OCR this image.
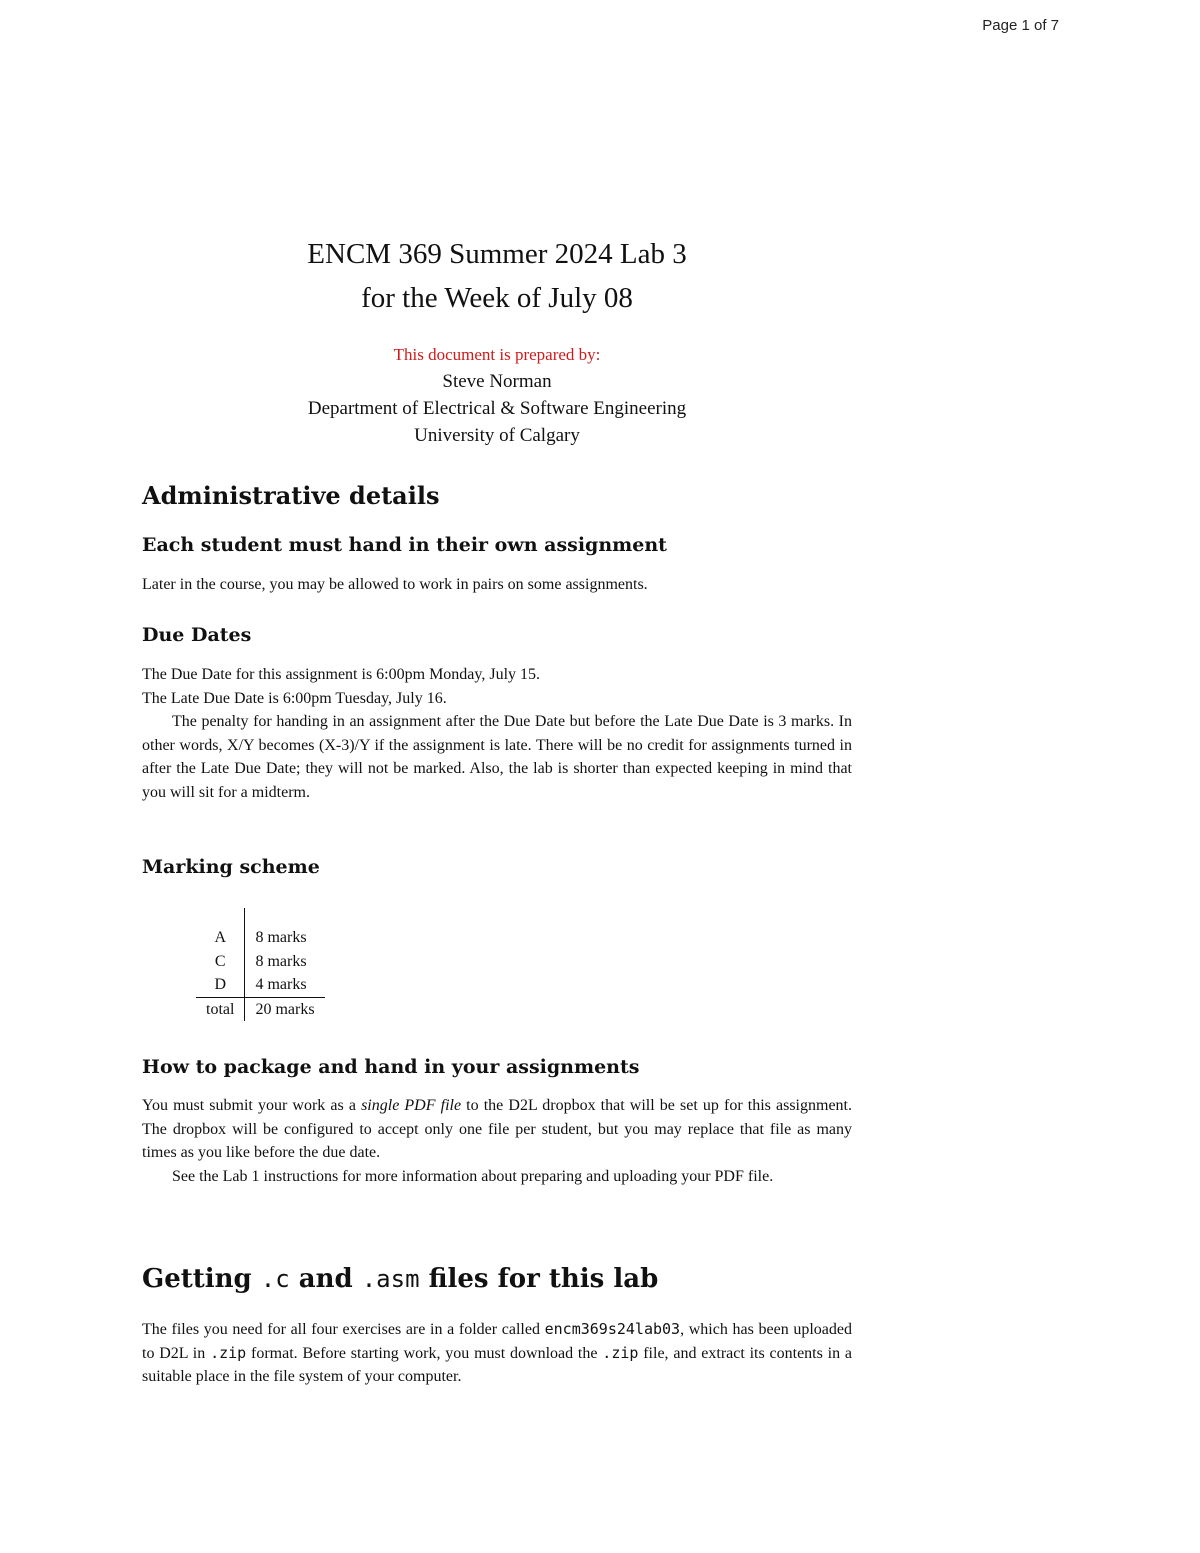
Page 1 of 7
ENCM 369 Summer 2024 Lab 3
for the Week of July 08
This document is prepared by:
Steve Norman
Department of Electrical & Software Engineering
University of Calgary
Administrative details
Each student must hand in their own assignment

Later in the course, you may be allowed to work in pairs on some assignments.

Due Dates

The Due Date for this assignment is 6:00pm Monday, July 15.

The Late Due Date is 6:00pm Tuesday, July 16.

The penalty for handing in an assignment after the Due Date but before the Late Due Date is 3 marks. In other words, X/Y becomes (X-3)/Y if the assignment is late. There will be no credit for assignments turned in after the Late Due Date; they will not be marked. Also, the lab is shorter than expected keeping in mind that you will sit for a midterm.

Marking scheme

A	8 marks
C	8 marks
D	4 marks
total	20 marks
How to package and hand in your assignments

You must submit your work as a single PDF file to the D2L dropbox that will be set up for this assignment. The dropbox will be configured to accept only one file per student, but you may replace that file as many times as you like before the due date.

See the Lab 1 instructions for more information about preparing and uploading your PDF file.

Getting .c and .asm files for this lab

The files you need for all four exercises are in a folder called encm369s24lab03, which has been uploaded to D2L in .zip format. Before starting work, you must download the .zip file, and extract its contents in a suitable place in the file system of your computer.
